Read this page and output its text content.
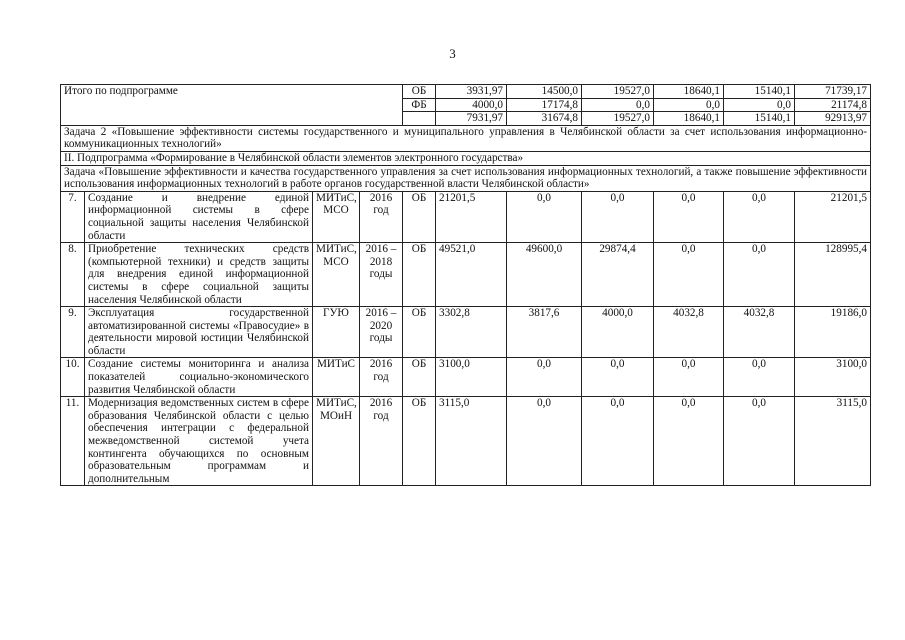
3
Итого по подпрограмме				ОБ	3931,97	14500,0	19527,0	18640,1	15140,1	71739,17
				ФБ	4000,0	17174,8	0,0	0,0	0,0	21174,8
					7931,97	31674,8	19527,0	18640,1	15140,1	92913,97
Задача 2 «Повышение эффективности системы государственного и муниципального управления в Челябинской области за счет использования информационно-коммуникационных технологий»										
II. Подпрограмма «Формирование в Челябинской области элементов электронного государства»										
Задача «Повышение эффективности и качества государственного управления за счет использования информационных технологий, а также повышение эффективности использования информационных технологий в работе органов государственной власти Челябинской области»										
7.	Создание и внедрение единой информационной системы в сфере социальной защиты населения Челябинской области	МИТиС, МСО	2016 год	ОБ	21201,5	0,0	0,0	0,0	0,0	21201,5
8.	Приобретение технических средств (компьютерной техники) и средств защиты для внедрения единой информационной системы в сфере социальной защиты населения Челябинской области	МИТиС, МСО	2016 – 2018 годы	ОБ	49521,0	49600,0	29874,4	0,0	0,0	128995,4
9.	Эксплуатация государственной автоматизированной системы «Правосудие» в деятельности мировой юстиции Челябинской области	ГУЮ	2016 – 2020 годы	ОБ	3302,8	3817,6	4000,0	4032,8	4032,8	19186,0
10.	Создание системы мониторинга и анализа показателей социально-экономического развития Челябинской области	МИТиС	2016 год	ОБ	3100,0	0,0	0,0	0,0	0,0	3100,0
11.	Модернизация ведомственных систем в сфере образования Челябинской области с целью обеспечения интеграции с федеральной межведомственной системой учета контингента обучающихся по основным образовательным программам и дополнительным	МИТиС, МОиН	2016 год	ОБ	3115,0	0,0	0,0	0,0	0,0	3115,0
